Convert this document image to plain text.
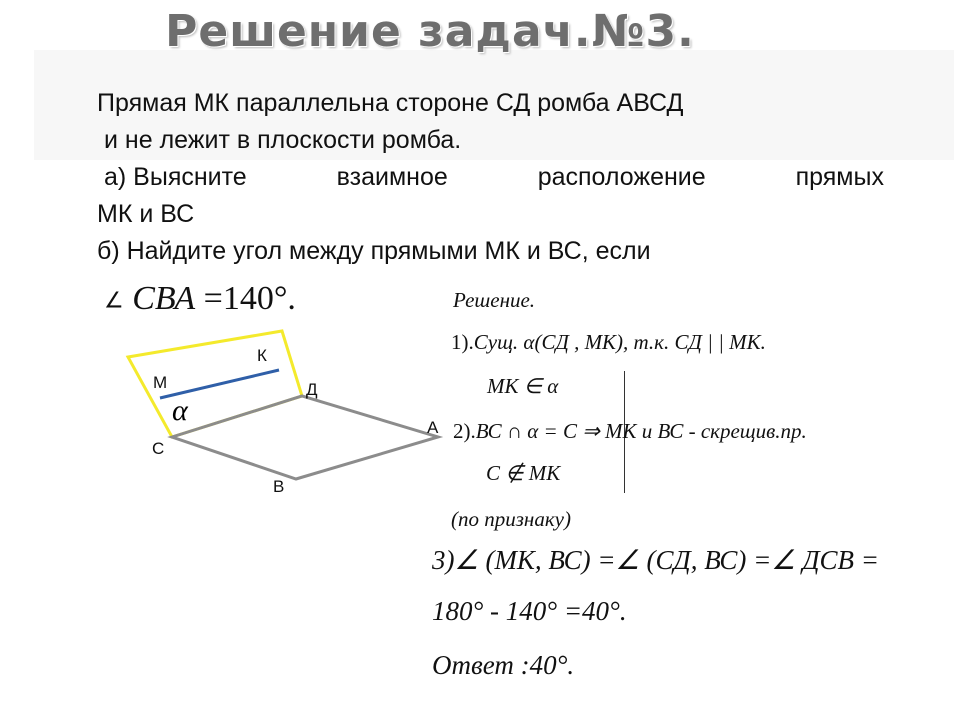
Решение задач.№3.
Прямая МК параллельна стороне СД ромба АВСД
и не лежит в плоскости ромба.
а) Выясните	взаимное	расположение	прямых
МК и ВС
б) Найдите угол между прямыми МК и ВС, если
∠ СВА =140°.
α
К
М	Д
С
А
В
Решение.
1).Сущ. α(СД , МК), т.к. СД | | МК.
МК ∈ α
2).ВС ∩ α = С ⇒ МК и ВС - скрещив.пр.
С ∉ МК
(по признаку)
3)∠ (МК, ВС) =∠ (СД, ВС) =∠ ДСВ =
180° - 140° =40°.
Ответ :40°.
